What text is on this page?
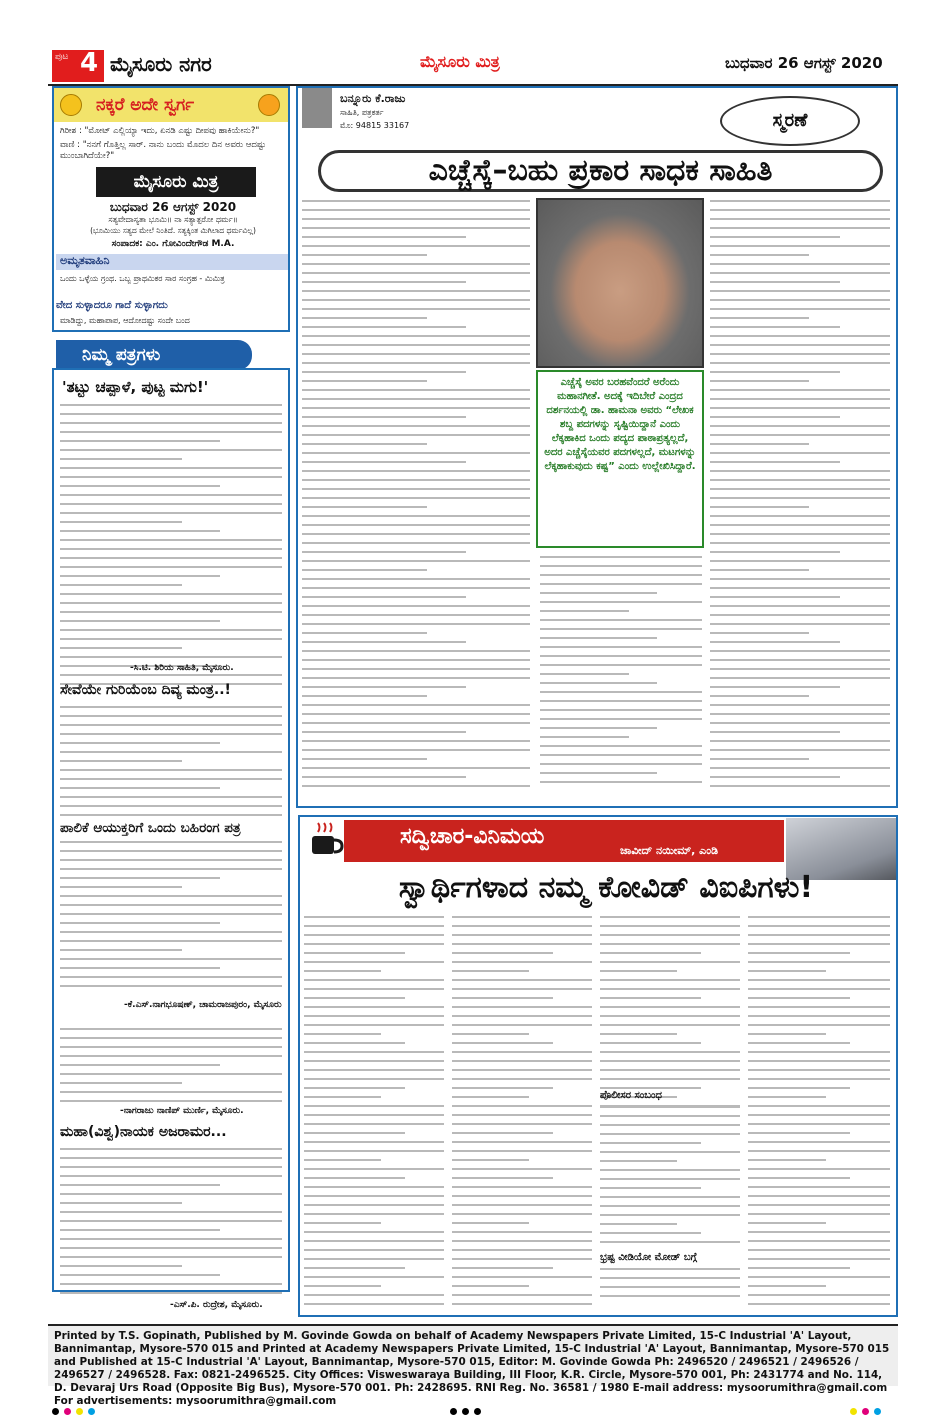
ಪುಟ 4 ಮೈಸೂರು ನಗರ	ಮೈಸೂರು ಮಿತ್ರ	ಬುಧವಾರ 26 ಆಗಸ್ಟ್ 2020
ನಕ್ಕರೆ ಅದೇ ಸ್ವರ್ಗ
ಗಿರೀಶ : "ಮೋಟ್ ಎಲ್ಲಿಯ್ಯಾ ಇದು, ಏನಡಿ ಎಷ್ಟು ದೀಪವು ಹಾಕಿಯೇನು?"
ವಾಣಿ : "ನನಗೆ ಗೊತ್ತಿಲ್ಲ ಸಾರ್. ನಾನು ಬಂದು ಮೊದಲ ದಿನ ಅವರು ಆದಷ್ಟು ಮುಂಬಾಗಿದೆಯೇ?"
ಮೈಸೂರು ಮಿತ್ರ
ಬುಧವಾರ 26 ಆಗಸ್ಟ್ 2020
ಸತ್ಯವೇದಾಸ್ಯತಾ ಭೂಮಿ॥ ನಾ ಸತ್ಯಾತ್ಪರೋ ಧರ್ಮ॥
(ಭೂಮಿಯು ಸತ್ಯದ ಮೇಲೆ ನಿಂತಿದೆ. ಸತ್ಯಕ್ಕಿಂತ ಮಿಗಿಲಾದ ಧರ್ಮವಿಲ್ಲ)
ಸಂಪಾದಕ: ಎಂ. ಗೋವಿಂದೇಗೌಡ M.A.
ಅಮೃತವಾಹಿನಿ
ಒಂದು ಒಳ್ಳೆಯ ಗ್ರಂಥ. ಒಬ್ಬ ಪ್ರಾಥಮಿಕರ ಸಾರ ಸಂಗ್ರಹ - ಮಿಮಿತ್ರ
ವೇದ ಸುಳ್ಳಾದರೂ ಗಾದೆ ಸುಳ್ಳಾಗದು
ಮಾಡಿದ್ದು, ಮಹಾಪಾಪ, ಆದೋದಷ್ಟು ಸಂದೇ ಬಂದ
ನಿಮ್ಮ ಪತ್ರಗಳು
'ತಟ್ಟು ಚಪ್ಪಾಳೆ, ಪುಟ್ಟ ಮಗು!'
-ಸಿ.ಟಿ. ಶಿರಿಯ ಸಾಹಿತಿ, ಮೈಸೂರು.
ಸೇವೆಯೇ ಗುರಿಯೆಂಬ ದಿವ್ಯ ಮಂತ್ರ..!
-ಕೆ.ಎಸ್.ನಾಗಭೂಷಣ್, ಚಾಮರಾಜಪುರಂ, ಮೈಸೂರು
ಪಾಲಿಕೆ ಆಯುಕ್ತರಿಗೆ ಒಂದು ಬಹಿರಂಗ ಪತ್ರ
-ನಾಗರಾಜು ನಾಣಿಪ್ ಮುರ್ಣಿ, ಮೈಸೂರು.
ಮಹಾ(ವಿಶ್ವ)ನಾಯಕ ಅಜರಾಮರ...
-ಎಸ್.ಪಿ. ರುದ್ರೇಶ, ಮೈಸೂರು.
ಬನ್ನೂರು ಕೆ.ರಾಜು
ಸಾಹಿತಿ, ಪತ್ರಕರ್ತ
ಮೊ: 94815 33167	ಸ್ಮರಣೆ
ಎಚ್ಚೆಸ್ಕೆ–ಬಹು ಪ್ರಕಾರ ಸಾಧಕ ಸಾಹಿತಿ
ಎಚ್ಚೆಸ್ಕೆ ಅವರ ಬರಹವೆಂದರೆ ಅರೆಂದು ಮಹಾನಗೀತೆ. ಅದಕ್ಕೆ ಇದಿಬೇರೆ ಎಂದ್ರದ ದರ್ಶನಯಲ್ಲಿ ಡಾ. ಹಾಮನಾ ಅವರು “ಲೇಖಕ ಶಬ್ದ ಪದಗಳನ್ನು ಸೃಷ್ಟಿಯಿದ್ದಾನೆ ಎಂದು ಲೆಕ್ಕಹಾಕಿದ ಒಂದು ಪದ್ಯದ ಪಾಠಾಪ್ರತ್ಯಲ್ಲದೆ, ಅದರ ಎಚ್ಚೆಸ್ಕೆಯವರ ಪದಗಳಲ್ಲದೆ, ಮಟಗಳನ್ನು ಲೆಕ್ಕಹಾಕುವುದು ಕಷ್ಟ” ಎಂದು ಉಲ್ಲೇಖಿಸಿದ್ದಾರೆ.
ಸದ್ವಿಚಾರ-ವಿನಿಮಯ
ಜಾವೀದ್ ನಯೀಮ್, ಎಂಡಿ
ಸ್ವಾರ್ಥಿಗಳಾದ ನಮ್ಮ ಕೋವಿಡ್ ವಿಐಪಿಗಳು!
ಪೊಲೀಸರ ಸಂಬಂಧ
ಭ್ರಷ್ಟ ವೀಡಿಯೋ ಮೋಡ್ ಬಗ್ಗೆ
Printed by T.S. Gopinath, Published by M. Govinde Gowda on behalf of Academy Newspapers Private Limited, 15-C Industrial 'A' Layout, Bannimantap, Mysore-570 015 and Printed at Academy Newspapers Private Limited, 15-C Industrial 'A' Layout, Bannimantap, Mysore-570 015 and Published at 15-C Industrial 'A' Layout, Bannimantap, Mysore-570 015, Editor: M. Govinde Gowda Ph: 2496520 / 2496521 / 2496526 / 2496527 / 2496528. Fax: 0821-2496525. City Offices: Visweswaraya Building, III Floor, K.R. Circle, Mysore-570 001, Ph: 2431774 and No. 114, D. Devaraj Urs Road (Opposite Big Bus), Mysore-570 001. Ph: 2428695. RNI Reg. No. 36581 / 1980 E-mail address: mysoorumithra@gmail.com For advertisements: mysoorumithra@gmail.com
